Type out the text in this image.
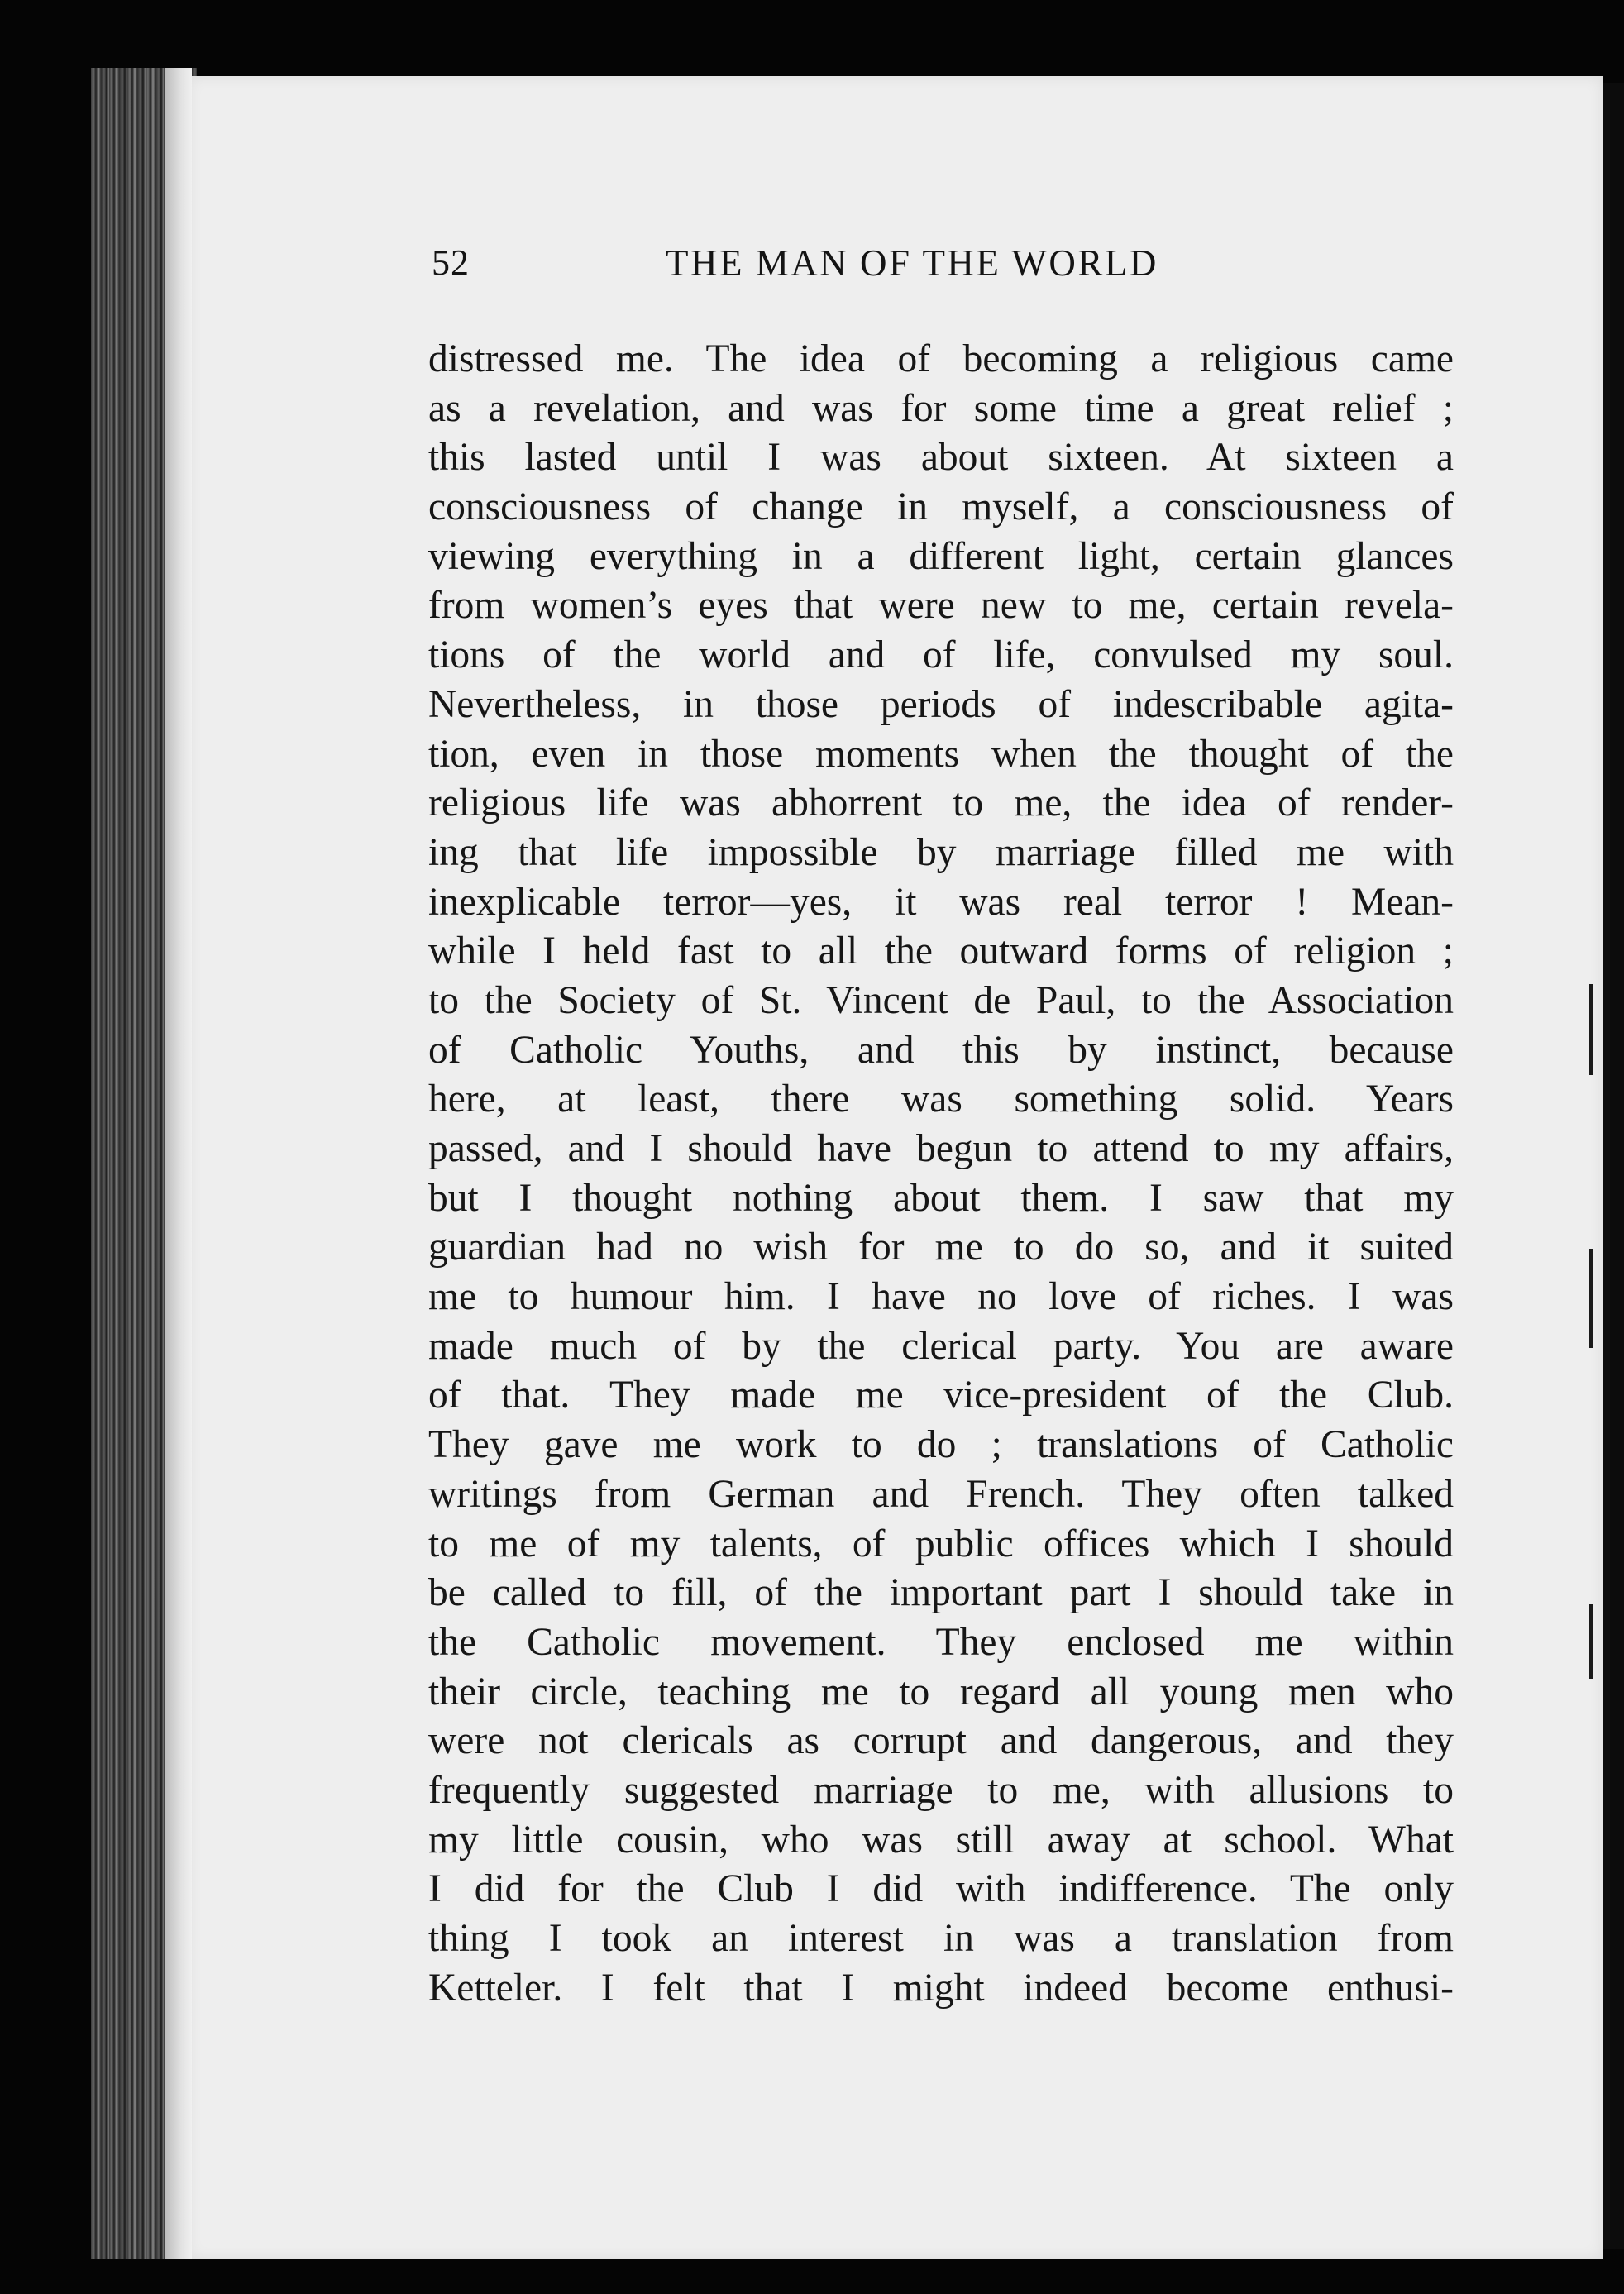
52	THE MAN OF THE WORLD
distressed me. The idea of becoming a religious came
as a revelation, and was for some time a great relief ;
this lasted until I was about sixteen. At sixteen a
consciousness of change in myself, a consciousness of
viewing everything in a different light, certain glances
from women’s eyes that were new to me, certain revela-
tions of the world and of life, convulsed my soul.
Nevertheless, in those periods of indescribable agita-
tion, even in those moments when the thought of the
religious life was abhorrent to me, the idea of render-
ing that life impossible by marriage filled me with
inexplicable terror—yes, it was real terror ! Mean-
while I held fast to all the outward forms of religion ;
to the Society of St. Vincent de Paul, to the Association
of Catholic Youths, and this by instinct, because
here, at least, there was something solid. Years
passed, and I should have begun to attend to my affairs,
but I thought nothing about them. I saw that my
guardian had no wish for me to do so, and it suited
me to humour him. I have no love of riches. I was
made much of by the clerical party. You are aware
of that. They made me vice-president of the Club.
They gave me work to do ; translations of Catholic
writings from German and French. They often talked
to me of my talents, of public offices which I should
be called to fill, of the important part I should take in
the Catholic movement. They enclosed me within
their circle, teaching me to regard all young men who
were not clericals as corrupt and dangerous, and they
frequently suggested marriage to me, with allusions to
my little cousin, who was still away at school. What
I did for the Club I did with indifference. The only
thing I took an interest in was a translation from
Ketteler. I felt that I might indeed become enthusi-
